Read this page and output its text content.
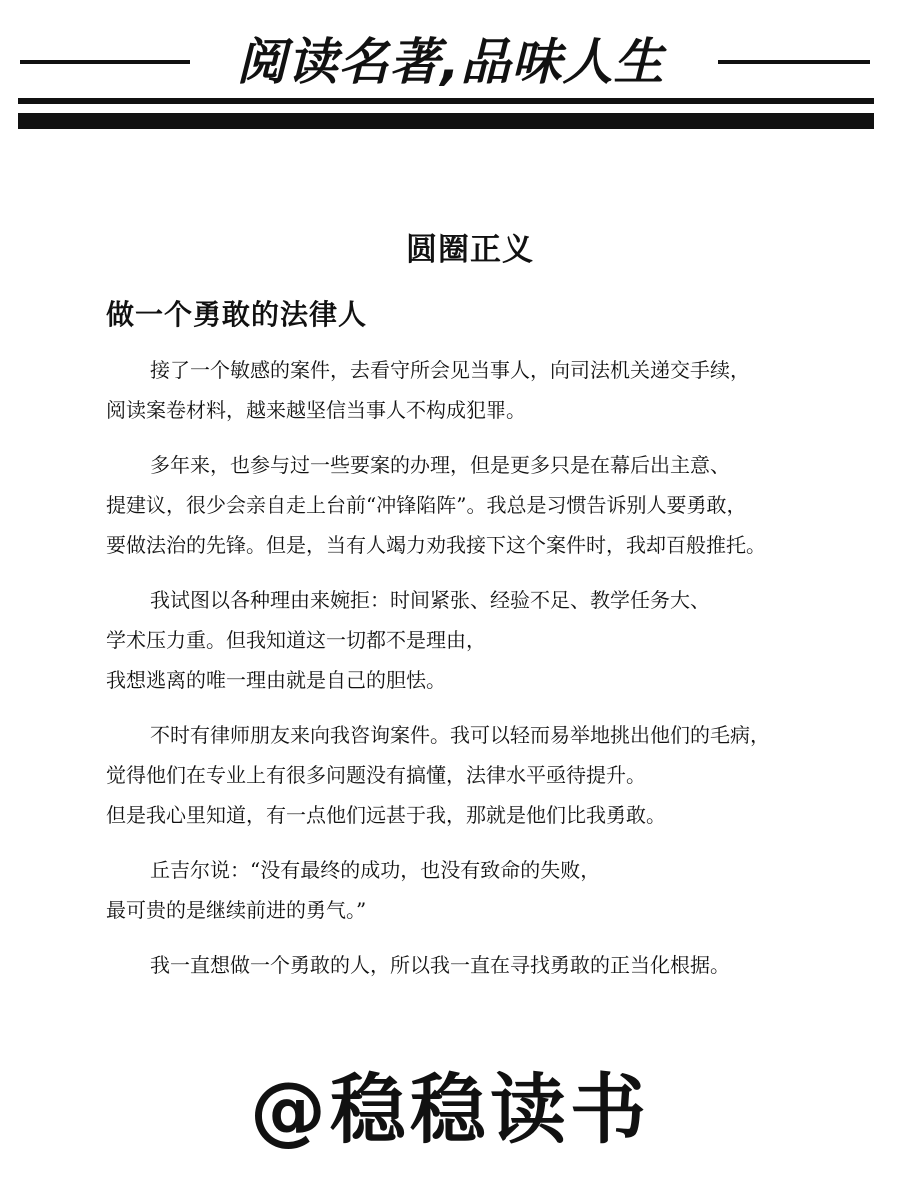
阅读名著,品味人生
圆圈正义
做一个勇敢的法律人

接了一个敏感的案件，去看守所会见当事人，向司法机关递交手续，
阅读案卷材料，越来越坚信当事人不构成犯罪。

多年来，也参与过一些要案的办理，但是更多只是在幕后出主意、
提建议，很少会亲自走上台前“冲锋陷阵”。我总是习惯告诉别人要勇敢，
要做法治的先锋。但是，当有人竭力劝我接下这个案件时，我却百般推托。

我试图以各种理由来婉拒：时间紧张、经验不足、教学任务大、
学术压力重。但我知道这一切都不是理由，
我想逃离的唯一理由就是自己的胆怯。

不时有律师朋友来向我咨询案件。我可以轻而易举地挑出他们的毛病，
觉得他们在专业上有很多问题没有搞懂，法律水平亟待提升。
但是我心里知道，有一点他们远甚于我，那就是他们比我勇敢。

丘吉尔说：“没有最终的成功，也没有致命的失败，
最可贵的是继续前进的勇气。”

我一直想做一个勇敢的人，所以我一直在寻找勇敢的正当化根据。

@稳稳读书
